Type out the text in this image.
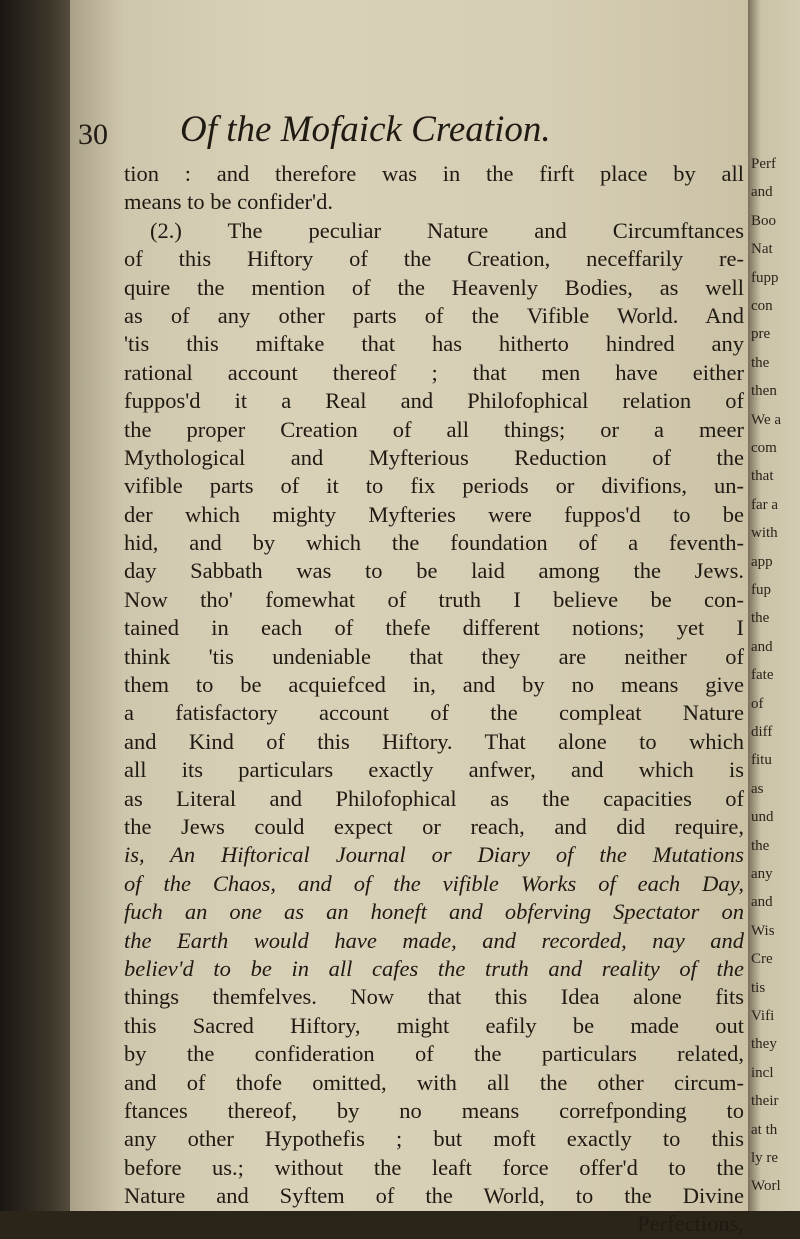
Perf
and
Boo
Nat
fupp
con
pre
the
then
We a
com
that
far a
with
app
fup
the
and
fate
of
diff
fitu
as
und
the
any
and
Wis
Cre
tis
Vifi
they
incl
their
at th
ly re
Worl
30 Of the Mofaick Creation.
tion : and therefore was in the firft place by all
means to be confider'd.
(2.) The peculiar Nature and Circumftances
of this Hiftory of the Creation, neceffarily re-
quire the mention of the Heavenly Bodies, as well
as of any other parts of the Vifible World. And
'tis this miftake that has hitherto hindred any
rational account thereof ; that men have either
fuppos'd it a Real and Philofophical relation of
the proper Creation of all things; or a meer
Mythological and Myfterious Reduction of the
vifible parts of it to fix periods or divifions, un-
der which mighty Myfteries were fuppos'd to be
hid, and by which the foundation of a feventh-
day Sabbath was to be laid among the Jews.
Now tho' fomewhat of truth I believe be con-
tained in each of thefe different notions; yet I
think 'tis undeniable that they are neither of
them to be acquiefced in, and by no means give
a fatisfactory account of the compleat Nature
and Kind of this Hiftory. That alone to which
all its particulars exactly anfwer, and which is
as Literal and Philofophical as the capacities of
the Jews could expect or reach, and did require,
is, An Hiftorical Journal or Diary of the Mutations
of the Chaos, and of the vifible Works of each Day,
fuch an one as an honeft and obferving Spectator on
the Earth would have made, and recorded, nay and
believ'd to be in all cafes the truth and reality of the
things themfelves. Now that this Idea alone fits
this Sacred Hiftory, might eafily be made out
by the confideration of the particulars related,
and of thofe omitted, with all the other circum-
ftances thereof, by no means correfponding to
any other Hypothefis ; but moft exactly to this
before us.; without the leaft force offer'd to the
Nature and Syftem of the World, to the Divine
Perfections,
